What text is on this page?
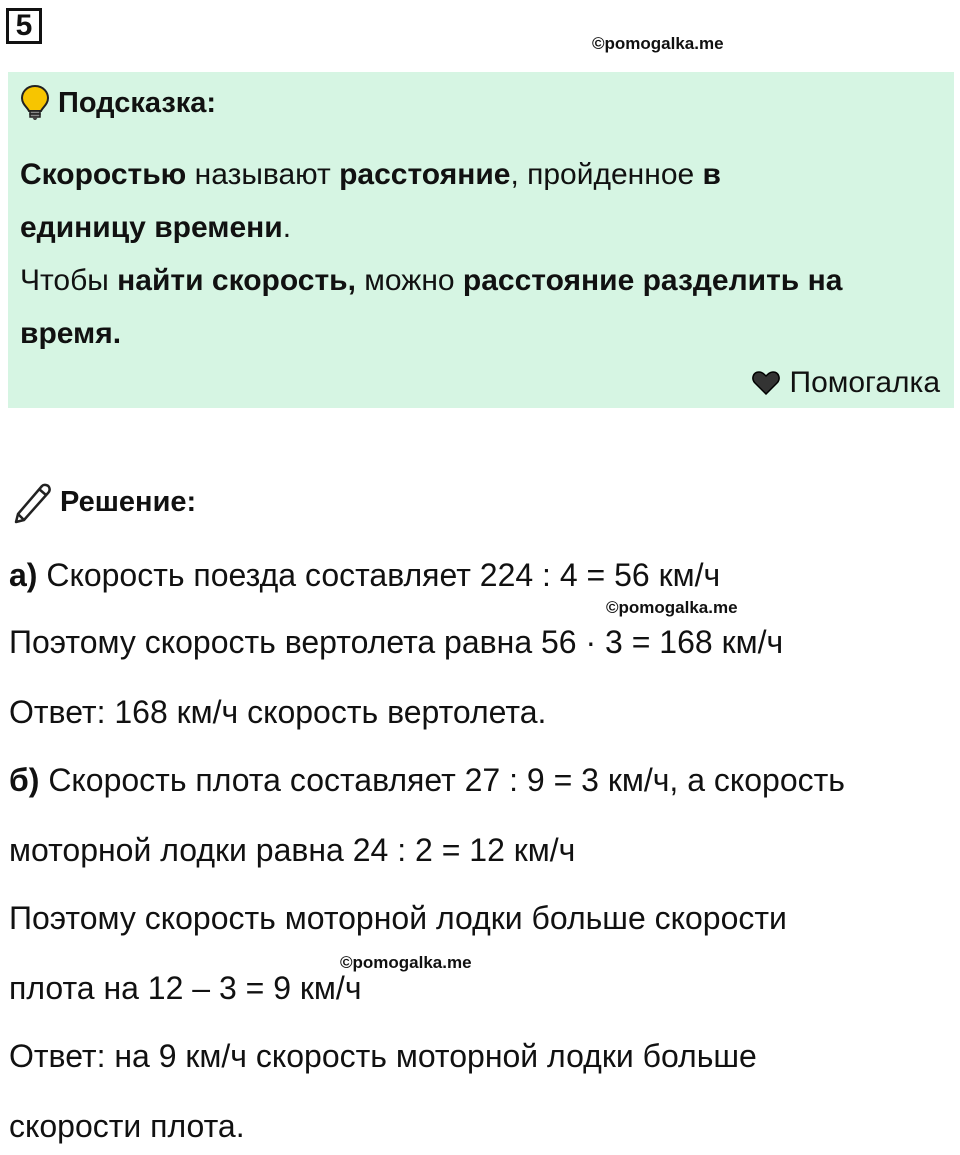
5
©pomogalka.me
Подсказка:
Скоростью называют расстояние, пройденное в
единицу времени.
Чтобы найти скорость, можно расстояние разделить на
время.
Помогалка
Решение:
а) Скорость поезда составляет 224 : 4 = 56 км/ч
©pomogalka.me
Поэтому скорость вертолета равна 56 · 3 = 168 км/ч
Ответ: 168 км/ч скорость вертолета.
б) Скорость плота составляет 27 : 9 = 3 км/ч, а скорость
моторной лодки равна 24 : 2 = 12 км/ч
Поэтому скорость моторной лодки больше скорости
©pomogalka.me
плота на 12 – 3 = 9 км/ч
Ответ: на 9 км/ч скорость моторной лодки больше
скорости плота.
